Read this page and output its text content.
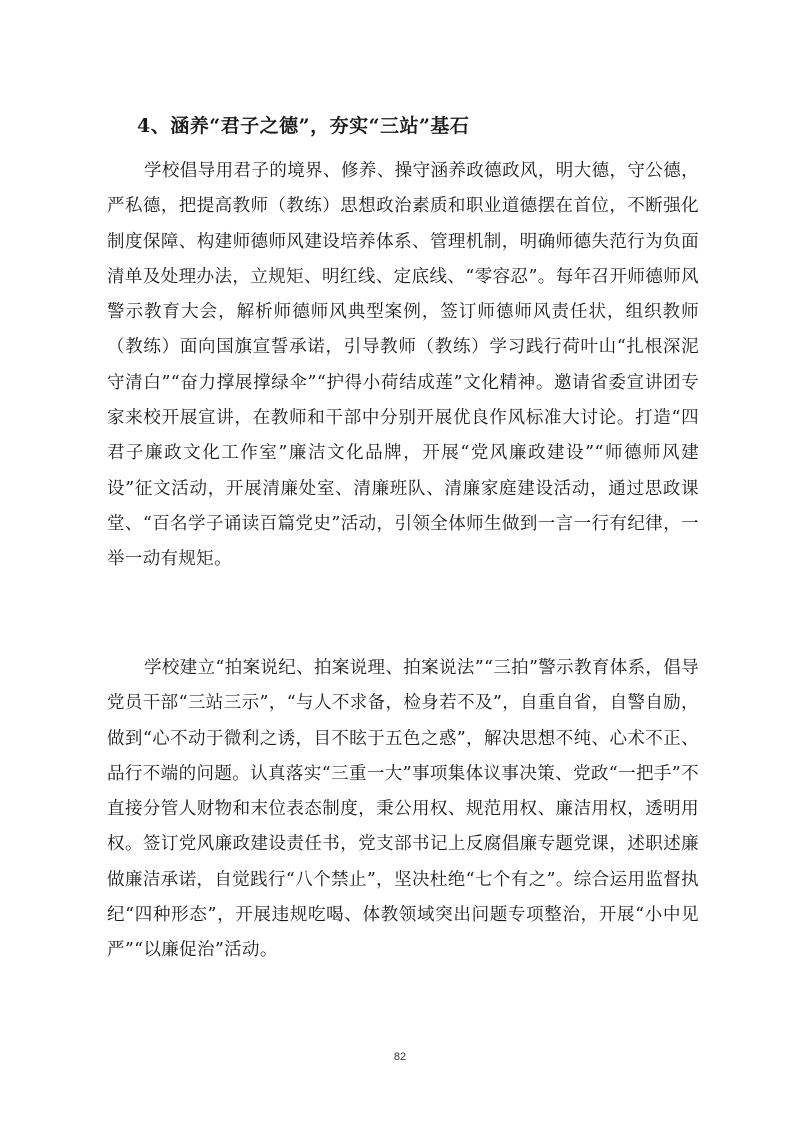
4、涵养“君子之德”，夯实“三站”基石

学校倡导用君子的境界、修养、操守涵养政德政风，明大德，守公德，严私德，把提高教师（教练）思想政治素质和职业道德摆在首位，不断强化制度保障、构建师德师风建设培养体系、管理机制，明确师德失范行为负面清单及处理办法，立规矩、明红线、定底线、“零容忍”。每年召开师德师风警示教育大会，解析师德师风典型案例，签订师德师风责任状，组织教师（教练）面向国旗宣誓承诺，引导教师（教练）学习践行荷叶山“扎根深泥守清白”“奋力撑展撑绿伞”“护得小荷结成莲”文化精神。邀请省委宣讲团专家来校开展宣讲，在教师和干部中分别开展优良作风标准大讨论。打造“四君子廉政文化工作室”廉洁文化品牌，开展“党风廉政建设”“师德师风建设”征文活动，开展清廉处室、清廉班队、清廉家庭建设活动，通过思政课堂、“百名学子诵读百篇党史”活动，引领全体师生做到一言一行有纪律，一举一动有规矩。

学校建立“拍案说纪、拍案说理、拍案说法”“三拍”警示教育体系，倡导党员干部“三站三示”，“与人不求备，检身若不及”，自重自省，自警自励，做到“心不动于微利之诱，目不眩于五色之惑”，解决思想不纯、心术不正、品行不端的问题。认真落实“三重一大”事项集体议事决策、党政“一把手”不直接分管人财物和末位表态制度，秉公用权、规范用权、廉洁用权，透明用权。签订党风廉政建设责任书，党支部书记上反腐倡廉专题党课，述职述廉做廉洁承诺，自觉践行“八个禁止”，坚决杜绝“七个有之”。综合运用监督执纪“四种形态”，开展违规吃喝、体教领域突出问题专项整治，开展“小中见严”“以廉促治”活动。

82
